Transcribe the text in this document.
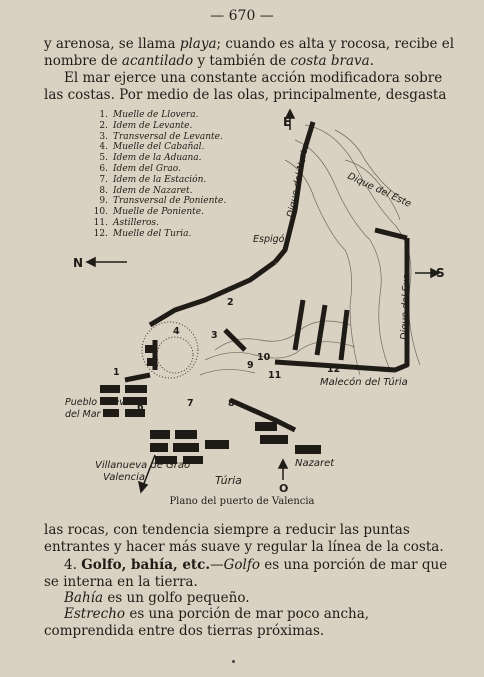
— 670 —

y arenosa, se llama playa; cuando es alta y rocosa, recibe el nombre de acantilado y también de costa brava.

El mar ejerce una constante acción modificadora sobre las costas. Por medio de las olas, principalmente, desgasta

1. Muelle de Llovera.
2. Idem de Levante.
3. Transversal de Levante.
4. Muelle del Cabañal.
5. Idem de la Aduana.
6. Idem del Grao.
7. Idem de la Estación.
8. Idem de Nazaret.
9. Transversal de Poniente.
10. Muelle de Poniente.
11. Astilleros.
12. Muelle del Turia.
E
N
S
O
Dique del Norte	Dique del Este
Dique del Sur
Espigón
Malecón del Túria
Pueblo Nuevo
del Mar
Villanueva de Grao
Valencia	Túria
Nazaret
1
2
3
4
5
6	7	8
9
10
11
12
Plano del puerto de Valencia

las rocas, con tendencia siempre a reducir las puntas entrantes y hacer más suave y regular la línea de la costa.

4. Golfo, bahía, etc.—Golfo es una porción de mar que se interna en la tierra.

Bahía es un golfo pequeño.

Estrecho es una porción de mar poco ancha, comprendida entre dos tierras próximas.
